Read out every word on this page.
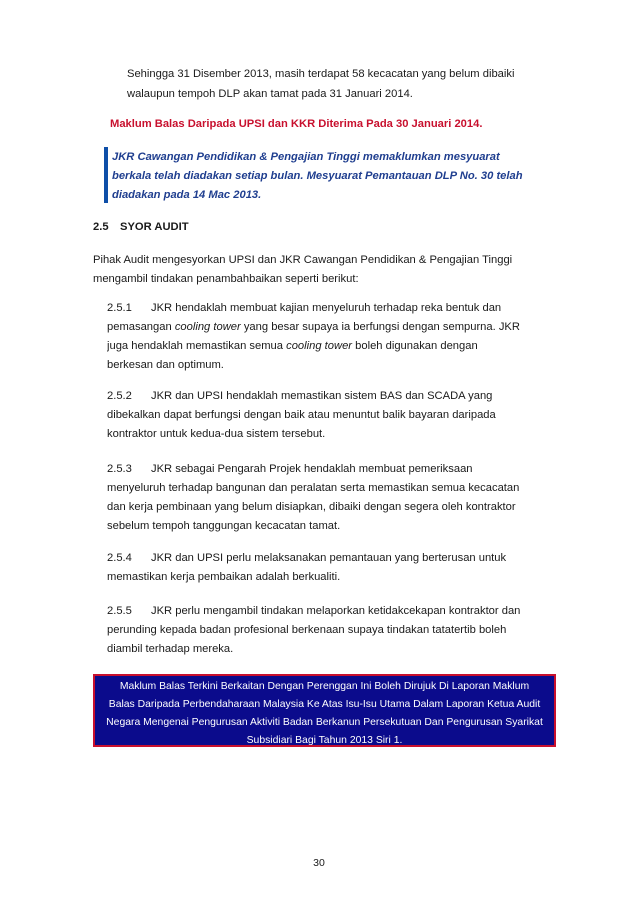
Sehingga 31 Disember 2013, masih terdapat 58 kecacatan yang belum dibaiki
walaupun tempoh DLP akan tamat pada 31 Januari 2014.
Maklum Balas Daripada UPSI dan KKR Diterima Pada 30 Januari 2014.
JKR Cawangan Pendidikan & Pengajian Tinggi memaklumkan mesyuarat
berkala telah diadakan setiap bulan. Mesyuarat Pemantauan DLP No. 30 telah
diadakan pada 14 Mac 2013.
2.5 SYOR AUDIT
Pihak Audit mengesyorkan UPSI dan JKR Cawangan Pendidikan & Pengajian Tinggi
mengambil tindakan penambahbaikan seperti berikut:
2.5.1 JKR hendaklah membuat kajian menyeluruh terhadap reka bentuk dan
pemasangan cooling tower yang besar supaya ia berfungsi dengan sempurna. JKR
juga hendaklah memastikan semua cooling tower boleh digunakan dengan
berkesan dan optimum.
2.5.2 JKR dan UPSI hendaklah memastikan sistem BAS dan SCADA yang
dibekalkan dapat berfungsi dengan baik atau menuntut balik bayaran daripada
kontraktor untuk kedua-dua sistem tersebut.
2.5.3 JKR sebagai Pengarah Projek hendaklah membuat pemeriksaan
menyeluruh terhadap bangunan dan peralatan serta memastikan semua kecacatan
dan kerja pembinaan yang belum disiapkan, dibaiki dengan segera oleh kontraktor
sebelum tempoh tanggungan kecacatan tamat.
2.5.4 JKR dan UPSI perlu melaksanakan pemantauan yang berterusan untuk
memastikan kerja pembaikan adalah berkualiti.
2.5.5 JKR perlu mengambil tindakan melaporkan ketidakcekapan kontraktor dan
perunding kepada badan profesional berkenaan supaya tindakan tatatertib boleh
diambil terhadap mereka.
Maklum Balas Terkini Berkaitan Dengan Perenggan Ini Boleh Dirujuk Di Laporan Maklum
Balas Daripada Perbendaharaan Malaysia Ke Atas Isu-Isu Utama Dalam Laporan Ketua Audit
Negara Mengenai Pengurusan Aktiviti Badan Berkanun Persekutuan Dan Pengurusan Syarikat
Subsidiari Bagi Tahun 2013 Siri 1.
30
